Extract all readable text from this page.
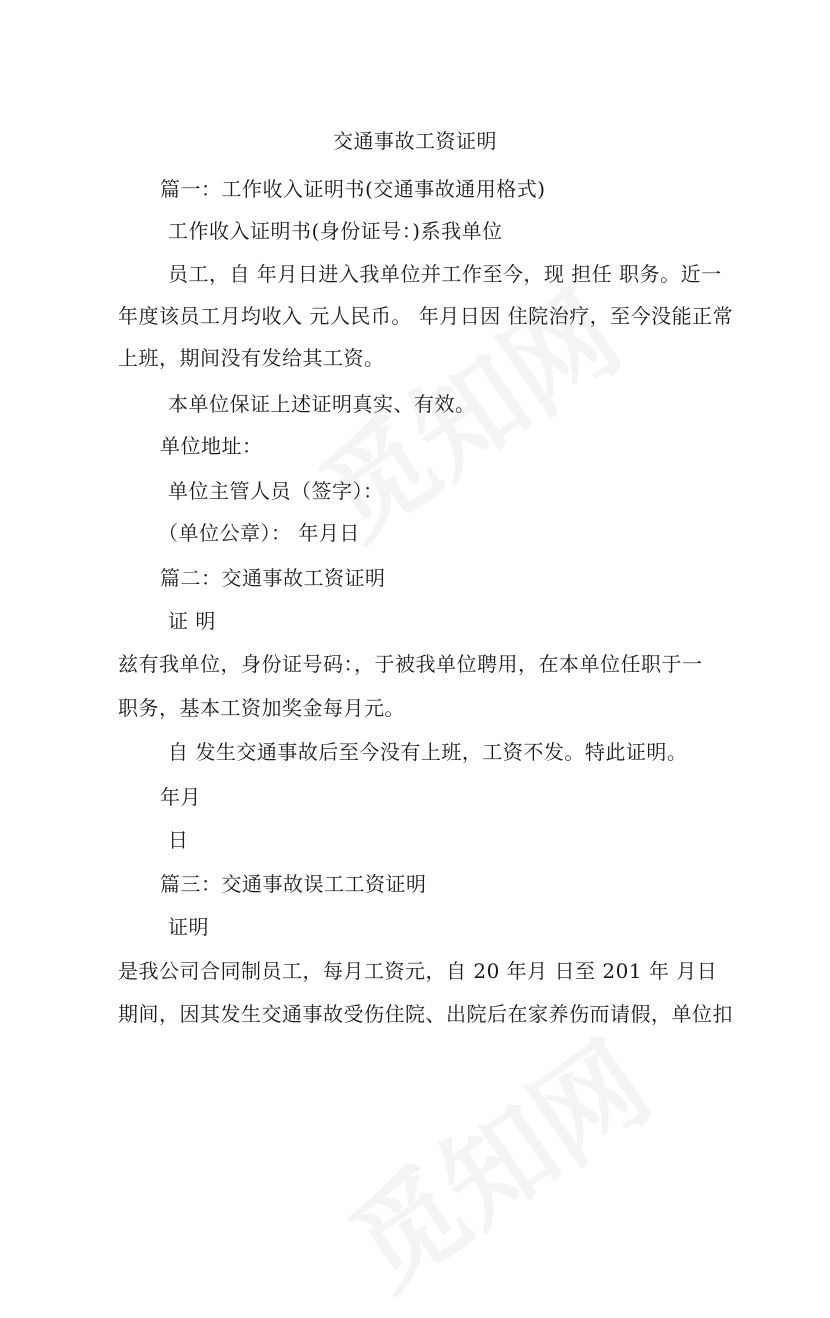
交通事故工资证明
篇一：工作收入证明书(交通事故通用格式)
工作收入证明书(身份证号：)系我单位
员工，自 年月日进入我单位并工作至今，现 担任 职务。近一
年度该员工月均收入 元人民币。 年月日因 住院治疗，至今没能正常
上班，期间没有发给其工资。
本单位保证上述证明真实、有效。
单位地址：
单位主管人员（签字）：
（单位公章）： 年月日
篇二：交通事故工资证明
证 明
兹有我单位，身份证号码：，于被我单位聘用，在本单位任职于一
职务，基本工资加奖金每月元。
自 发生交通事故后至今没有上班，工资不发。特此证明。
年月
日
篇三：交通事故误工工资证明
证明
是我公司合同制员工，每月工资元，自 20 年月 日至 201 年 月日
期间，因其发生交通事故受伤住院、出院后在家养伤而请假，单位扣
